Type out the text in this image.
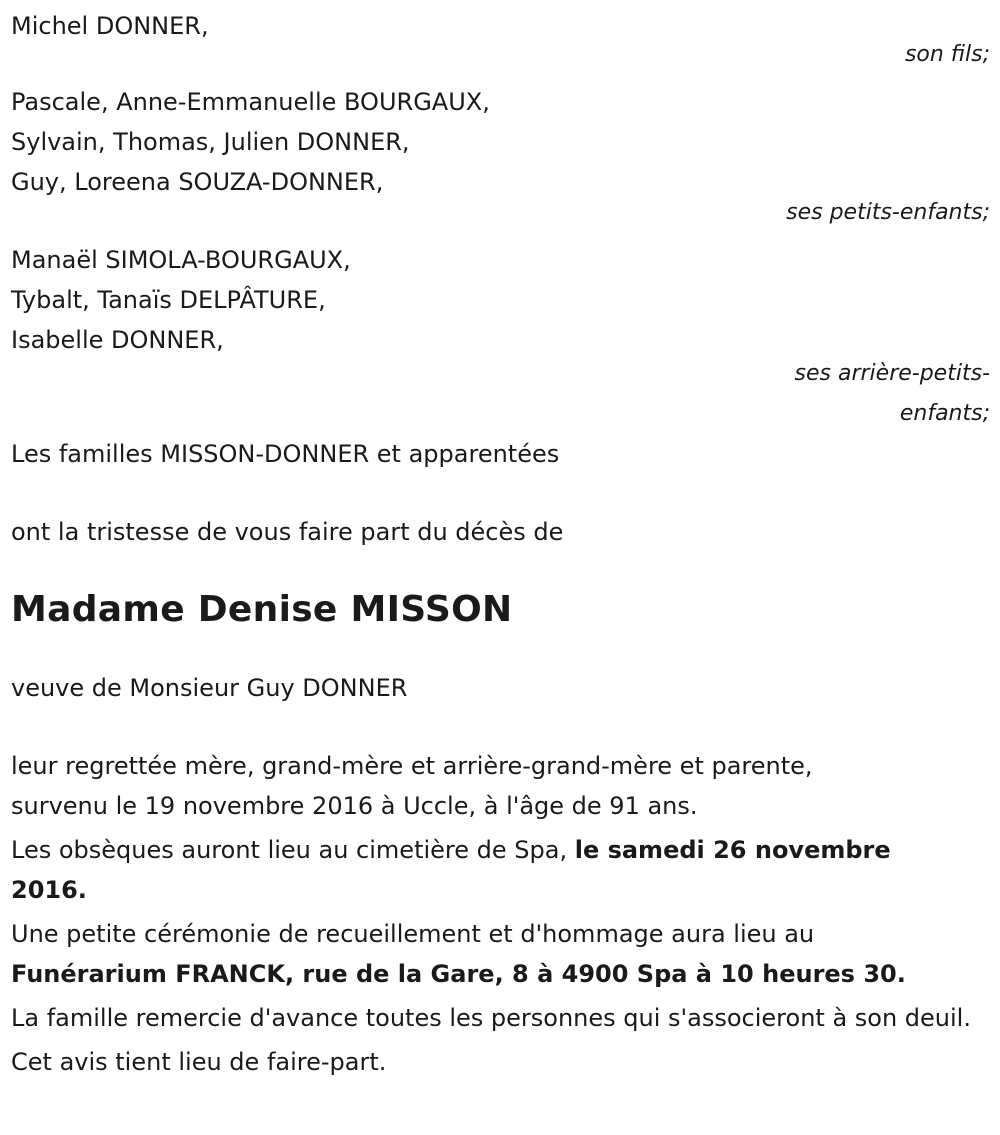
Michel DONNER,

son fils;

Pascale, Anne-Emmanuelle BOURGAUX,

Sylvain, Thomas, Julien DONNER,

Guy, Loreena SOUZA-DONNER,

ses petits-enfants;

Manaël SIMOLA-BOURGAUX,

Tybalt, Tanaïs DELPÂTURE,

Isabelle DONNER,

ses arrière-petits-

enfants;

Les familles MISSON-DONNER et apparentées

ont la tristesse de vous faire part du décès de

Madame Denise MISSON

veuve de Monsieur Guy DONNER

leur regrettée mère, grand-mère et arrière-grand-mère et parente,

survenu le 19 novembre 2016 à Uccle, à l'âge de 91 ans.

Les obsèques auront lieu au cimetière de Spa, le samedi 26 novembre 2016.

Une petite cérémonie de recueillement et d'hommage aura lieu au Funérarium FRANCK, rue de la Gare, 8 à 4900 Spa à 10 heures 30.

La famille remercie d'avance toutes les personnes qui s'associeront à son deuil.

Cet avis tient lieu de faire-part.
